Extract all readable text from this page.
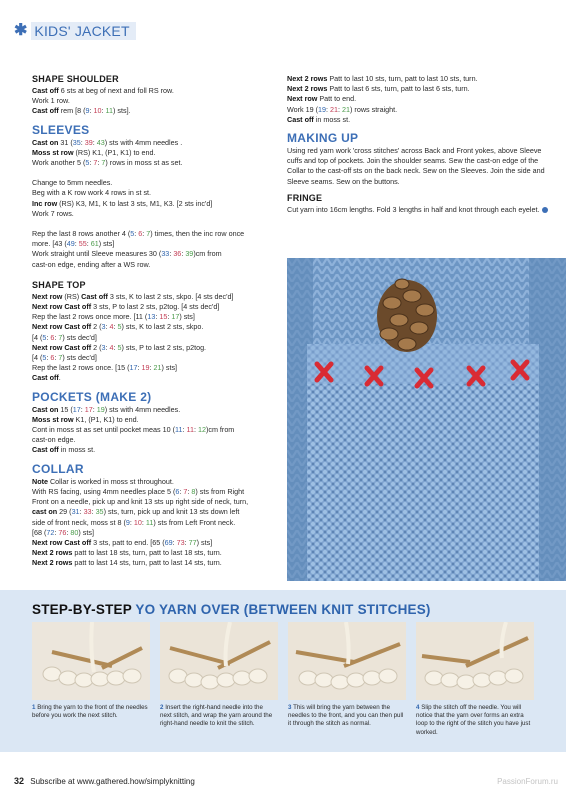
✱ KIDS' JACKET
SHAPE SHOULDER
Cast off 6 sts at beg of next and foll RS row.
Work 1 row.
Cast off rem [8 (9: 10: 11) sts].
SLEEVES
Cast on 31 (35: 39: 43) sts with 4mm needles .
Moss st row (RS) K1, (P1, K1) to end.
Work another 5 (5: 7: 7) rows in moss st as set.
Change to 5mm needles.
Beg with a K row work 4 rows in st st.
Inc row (RS) K3, M1, K to last 3 sts, M1, K3. [2 sts inc'd]
Work 7 rows.
Rep the last 8 rows another 4 (5: 6: 7) times, then the inc row once
more. [43 (49: 55: 61) sts]
Work straight until Sleeve measures 30 (33: 36: 39)cm from
cast-on edge, ending after a WS row.
SHAPE TOP
Next row (RS) Cast off 3 sts, K to last 2 sts, skpo. [4 sts dec'd]
Next row Cast off 3 sts, P to last 2 sts, p2tog. [4 sts dec'd]
Rep the last 2 rows once more. [11 (13: 15: 17) sts]
Next row Cast off 2 (3: 4: 5) sts, K to last 2 sts, skpo.
[4 (5: 6: 7) sts dec'd]
Next row Cast off 2 (3: 4: 5) sts, P to last 2 sts, p2tog.
[4 (5: 6: 7) sts dec'd]
Rep the last 2 rows once. [15 (17: 19: 21) sts]
Cast off.
POCKETS (MAKE 2)
Cast on 15 (17: 17: 19) sts with 4mm needles.
Moss st row K1, (P1, K1) to end.
Cont in moss st as set until pocket meas 10 (11: 11: 12)cm from
cast-on edge.
Cast off in moss st.
COLLAR
Note Collar is worked in moss st throughout.
With RS facing, using 4mm needles place 5 (6: 7: 8) sts from Right
Front on a needle, pick up and knit 13 sts up right side of neck, turn,
cast on 29 (31: 33: 35) sts, turn, pick up and knit 13 sts down left
side of front neck, moss st 8 (9: 10: 11) sts from Left Front neck.
[68 (72: 76: 80) sts]
Next row Cast off 3 sts, patt to end. [65 (69: 73: 77) sts]
Next 2 rows patt to last 18 sts, turn, patt to last 18 sts, turn.
Next 2 rows patt to last 14 sts, turn, patt to last 14 sts, turn.
Next 2 rows Patt to last 10 sts, turn, patt to last 10 sts, turn.
Next 2 rows Patt to last 6 sts, turn, patt to last 6 sts, turn.
Next row Patt to end.
Work 19 (19: 21: 21) rows straight.
Cast off in moss st.
MAKING UP
Using red yarn work 'cross stitches' across Back and Front yokes, above Sleeve cuffs and top of pockets. Join the shoulder seams. Sew the cast-on edge of the Collar to the cast-off sts on the back neck. Sew on the Sleeves. Join the side and Sleeve seams. Sew on the buttons.
FRINGE
Cut yarn into 16cm lengths. Fold 3 lengths in half and knot through each eyelet.
STEP-BY-STEP YO YARN OVER (BETWEEN KNIT STITCHES)
1 Bring the yarn to the front of the needles before you work the next stitch.
2 Insert the right-hand needle into the next stitch, and wrap the yarn around the right-hand needle to knit the stitch.
3 This will bring the yarn between the needles to the front, and you can then pull it through the stitch as normal.
4 Slip the stitch off the needle. You will notice that the yarn over forms an extra loop to the right of the stitch you have just worked.
32 Subscribe at www.gathered.how/simplyknitting	PassionForum.ru
